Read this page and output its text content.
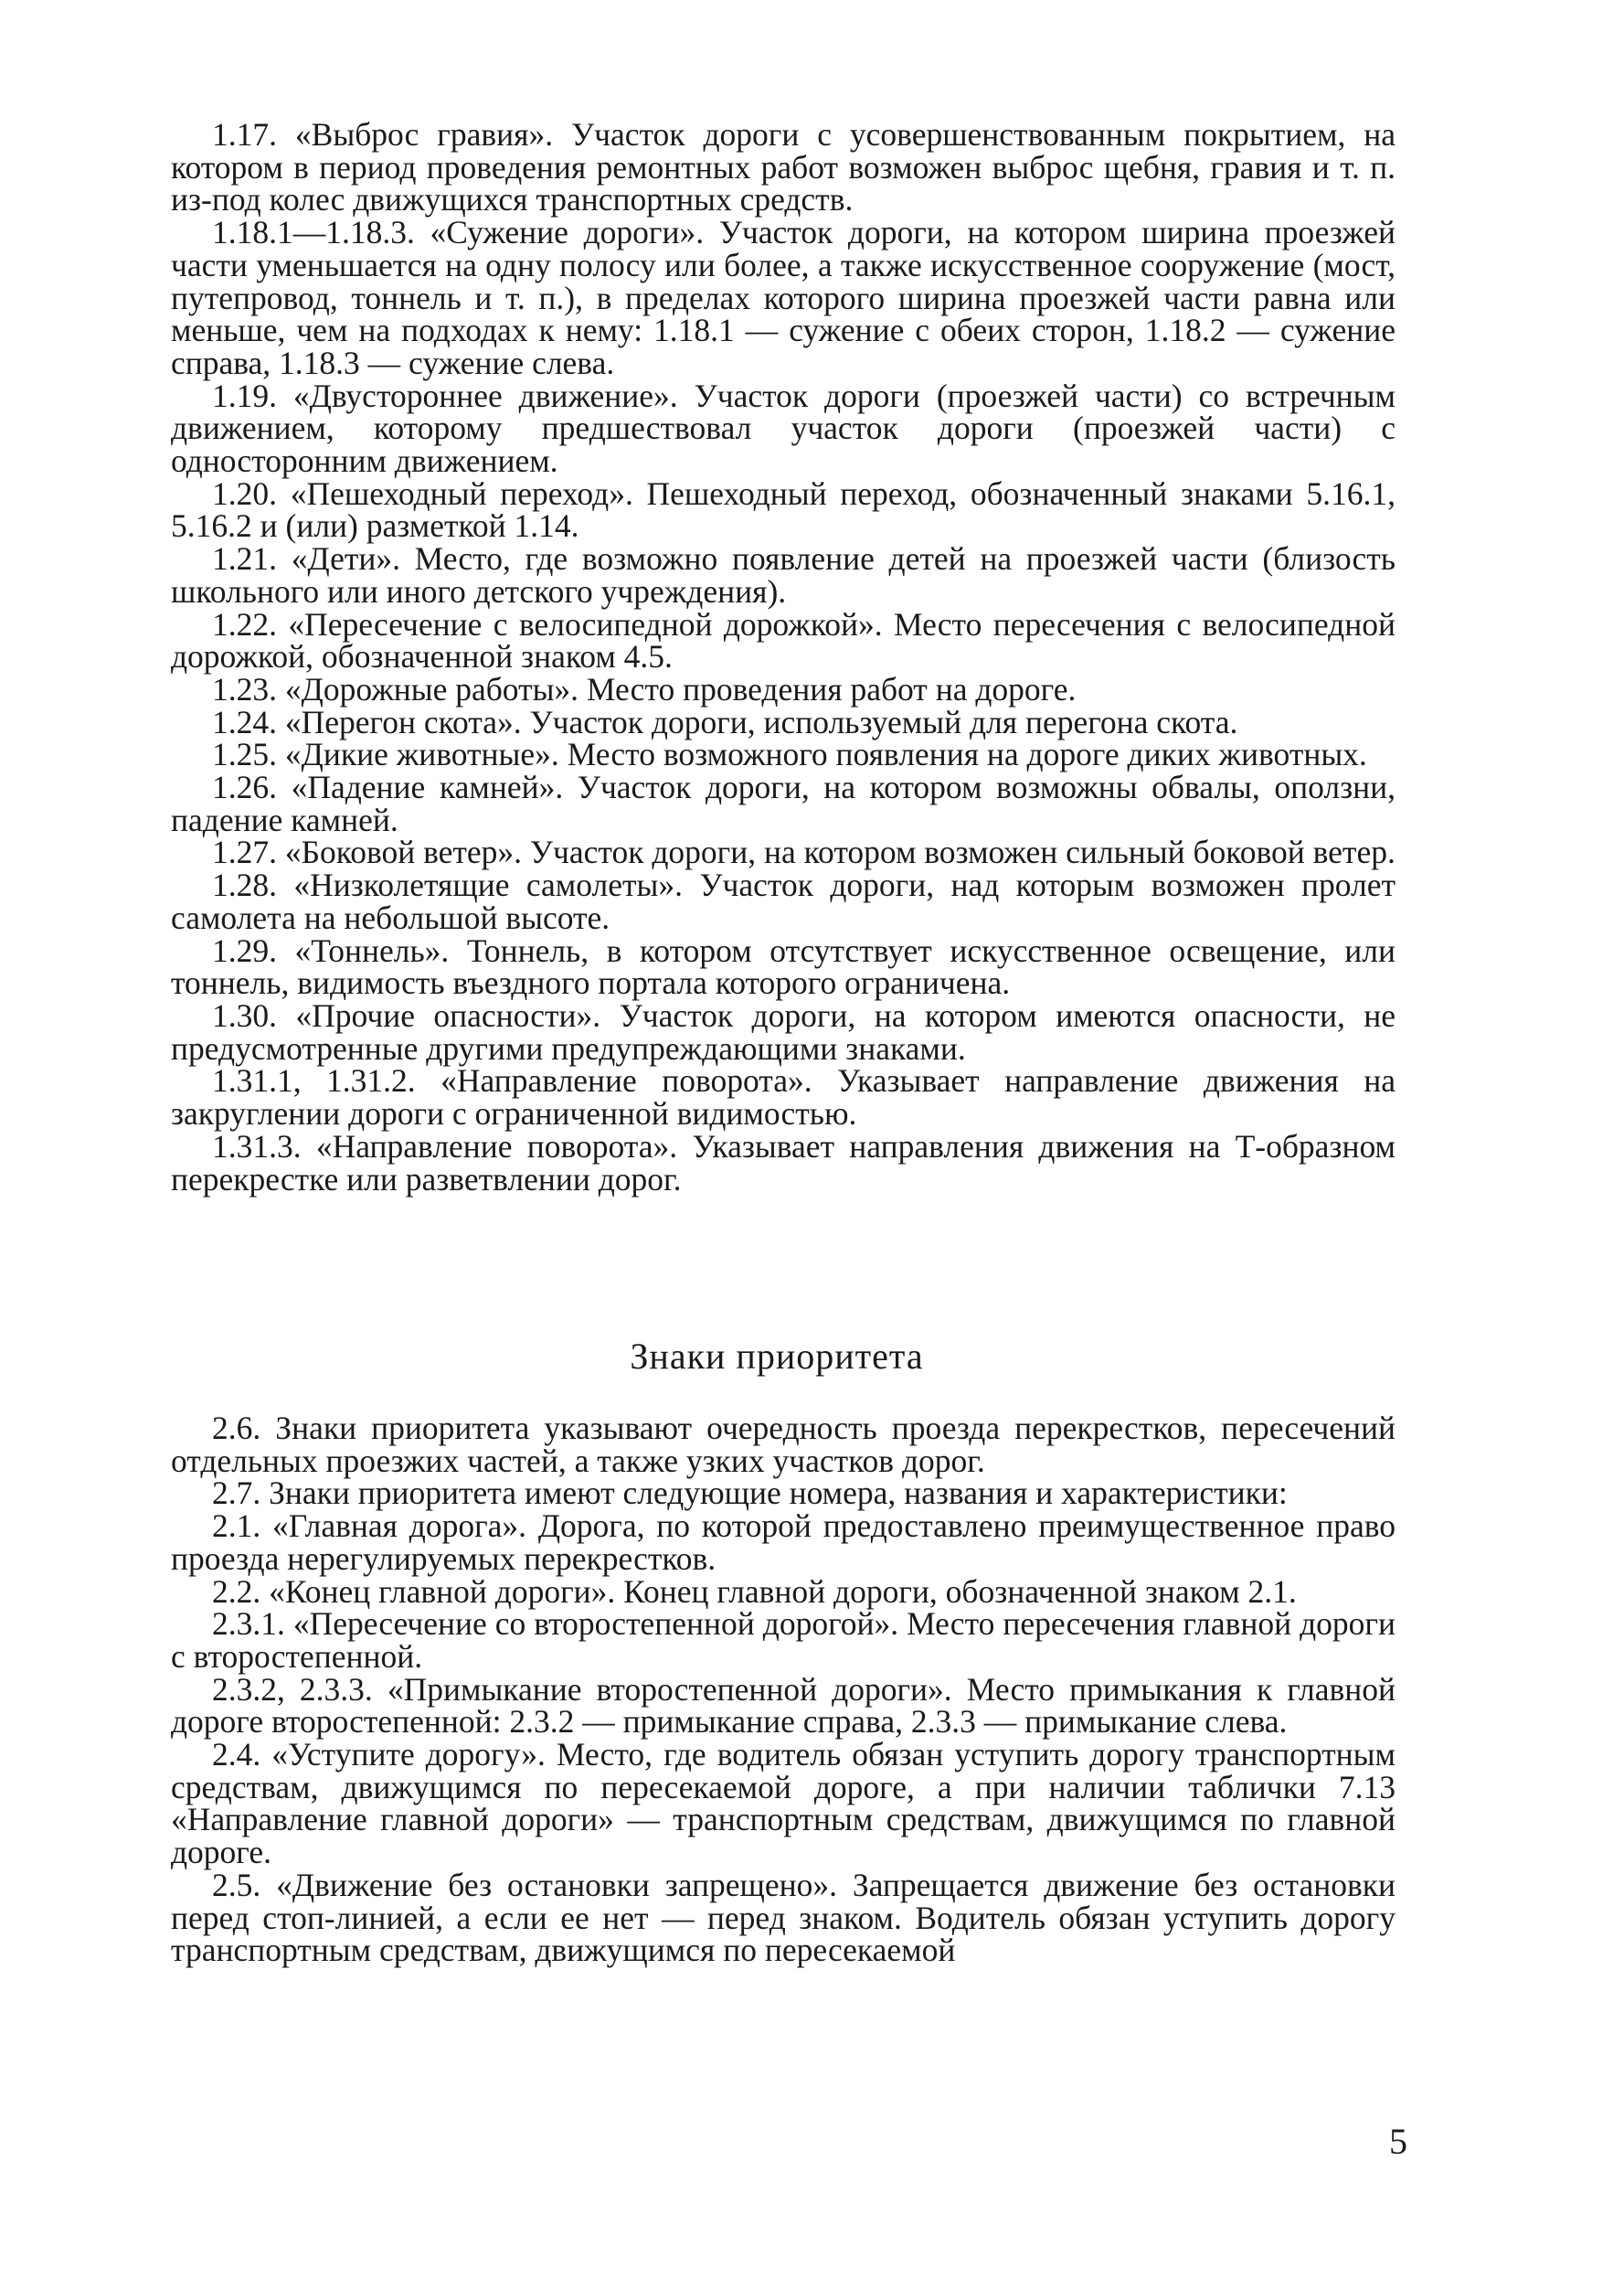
1.17. «Выброс гравия». Участок дороги с усовершенствованным покрытием, на котором в период проведения ремонтных работ возможен выброс щебня, гравия и т. п. из-под колес движущихся транспортных средств.

1.18.1—1.18.3. «Сужение дороги». Участок дороги, на котором ширина проезжей части уменьшается на одну полосу или более, а также искусственное сооружение (мост, путепровод, тоннель и т. п.), в пределах которого ширина проезжей части равна или меньше, чем на подходах к нему: 1.18.1 — сужение с обеих сторон, 1.18.2 — сужение справа, 1.18.3 — сужение слева.

1.19. «Двустороннее движение». Участок дороги (проезжей части) со встречным движением, которому предшествовал участок дороги (проезжей части) с односторонним движением.

1.20. «Пешеходный переход». Пешеходный переход, обозначенный знаками 5.16.1, 5.16.2 и (или) разметкой 1.14.

1.21. «Дети». Место, где возможно появление детей на проезжей части (близость школьного или иного детского учреждения).

1.22. «Пересечение с велосипедной дорожкой». Место пересечения с велосипедной дорожкой, обозначенной знаком 4.5.

1.23. «Дорожные работы». Место проведения работ на дороге.

1.24. «Перегон скота». Участок дороги, используемый для перегона скота.

1.25. «Дикие животные». Место возможного появления на дороге диких животных.

1.26. «Падение камней». Участок дороги, на котором возможны обвалы, оползни, падение камней.

1.27. «Боковой ветер». Участок дороги, на котором возможен сильный боковой ветер.

1.28. «Низколетящие самолеты». Участок дороги, над которым возможен пролет самолета на небольшой высоте.

1.29. «Тоннель». Тоннель, в котором отсутствует искусственное освещение, или тоннель, видимость въездного портала которого ограничена.

1.30. «Прочие опасности». Участок дороги, на котором имеются опасности, не предусмотренные другими предупреждающими знаками.

1.31.1, 1.31.2. «Направление поворота». Указывает направление движения на закруглении дороги с ограниченной видимостью.

1.31.3. «Направление поворота». Указывает направления движения на Т-образном перекрестке или разветвлении дорог.

Знаки приоритета

2.6. Знаки приоритета указывают очередность проезда перекрестков, пересечений отдельных проезжих частей, а также узких участков дорог.

2.7. Знаки приоритета имеют следующие номера, названия и характеристики:

2.1. «Главная дорога». Дорога, по которой предоставлено преимущественное право проезда нерегулируемых перекрестков.

2.2. «Конец главной дороги». Конец главной дороги, обозначенной знаком 2.1.

2.3.1. «Пересечение со второстепенной дорогой». Место пересечения главной дороги с второстепенной.

2.3.2, 2.3.3. «Примыкание второстепенной дороги». Место примыкания к главной дороге второстепенной: 2.3.2 — примыкание справа, 2.3.3 — примыкание слева.

2.4. «Уступите дорогу». Место, где водитель обязан уступить дорогу транспортным средствам, движущимся по пересекаемой дороге, а при наличии таблички 7.13 «Направление главной дороги» — транспортным средствам, движущимся по главной дороге.

2.5. «Движение без остановки запрещено». Запрещается движение без остановки перед стоп-линией, а если ее нет — перед знаком. Водитель обязан уступить дорогу транспортным средствам, движущимся по пересекаемой

5
